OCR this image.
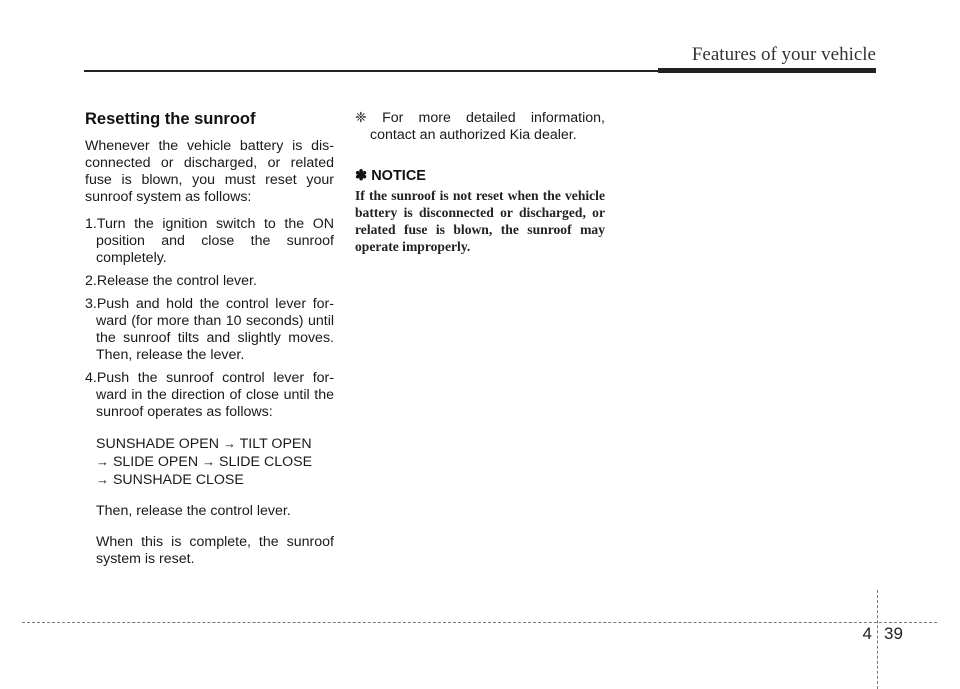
Features of your vehicle
Resetting the sunroof
Whenever the vehicle battery is dis-connected or discharged, or related fuse is blown, you must reset your sunroof system as follows:
1.Turn the ignition switch to the ON position and close the sunroof completely.
2.Release the control lever.
3.Push and hold the control lever for-ward (for more than 10 seconds) until the sunroof tilts and slightly moves. Then, release the lever.
4.Push the sunroof control lever for-ward in the direction of close until the sunroof operates as follows:
SUNSHADE OPEN → TILT OPEN
→ SLIDE OPEN → SLIDE CLOSE
→ SUNSHADE CLOSE
Then, release the control lever.
When this is complete, the sunroof system is reset.
❈ For more detailed information, contact an authorized Kia dealer.
✽ NOTICE
If the sunroof is not reset when the vehicle battery is disconnected or discharged, or related fuse is blown, the sunroof may operate improperly.
4 39
